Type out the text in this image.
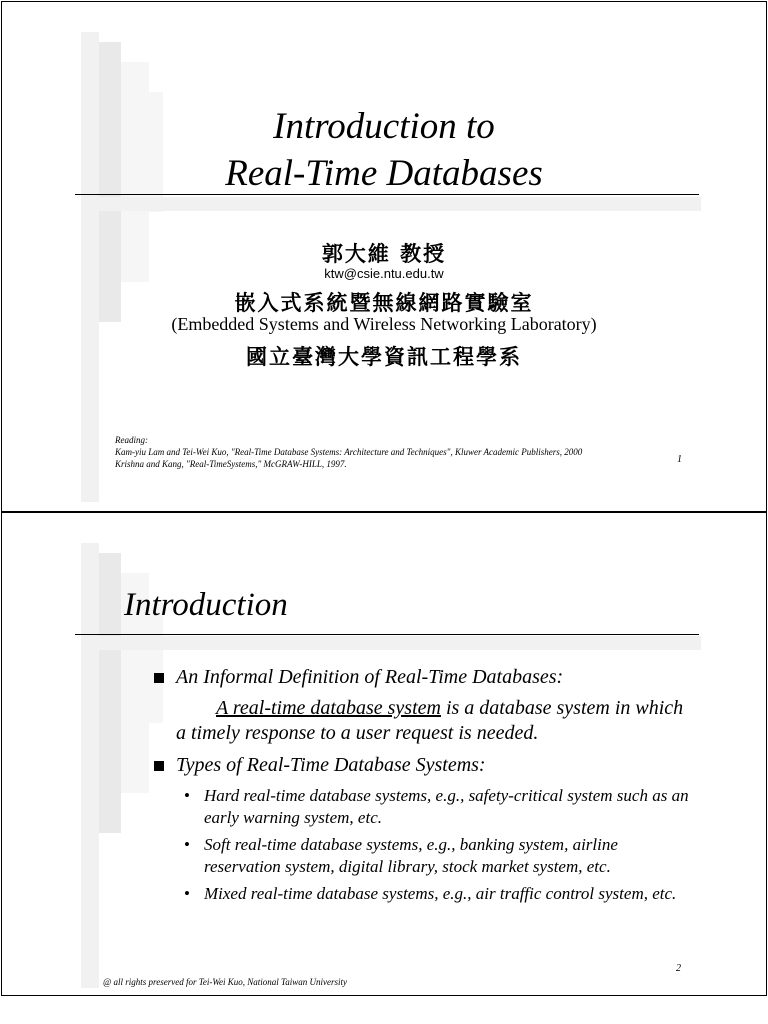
Introduction to
Real-Time Databases
郭大維 教授
ktw@csie.ntu.edu.tw
嵌入式系統暨無線網路實驗室
(Embedded Systems and Wireless Networking Laboratory)
國立臺灣大學資訊工程學系
Reading:
Kam-yiu Lam and Tei-Wei Kuo, "Real-Time Database Systems: Architecture and Techniques", Kluwer Academic Publishers, 2000
Krishna and Kang, "Real-TimeSystems," McGRAW-HILL, 1997.	1
Introduction
An Informal Definition of Real-Time Databases:
A real-time database system is a database system in which a timely response to a user request is needed.
Types of Real-Time Database Systems:
• Hard real-time database systems, e.g., safety-critical system such as an early warning system, etc.
• Soft real-time database systems, e.g., banking system, airline reservation system, digital library, stock market system, etc.
• Mixed real-time database systems, e.g., air traffic control system, etc.
2
@ all rights preserved for Tei-Wei Kuo, National Taiwan University
